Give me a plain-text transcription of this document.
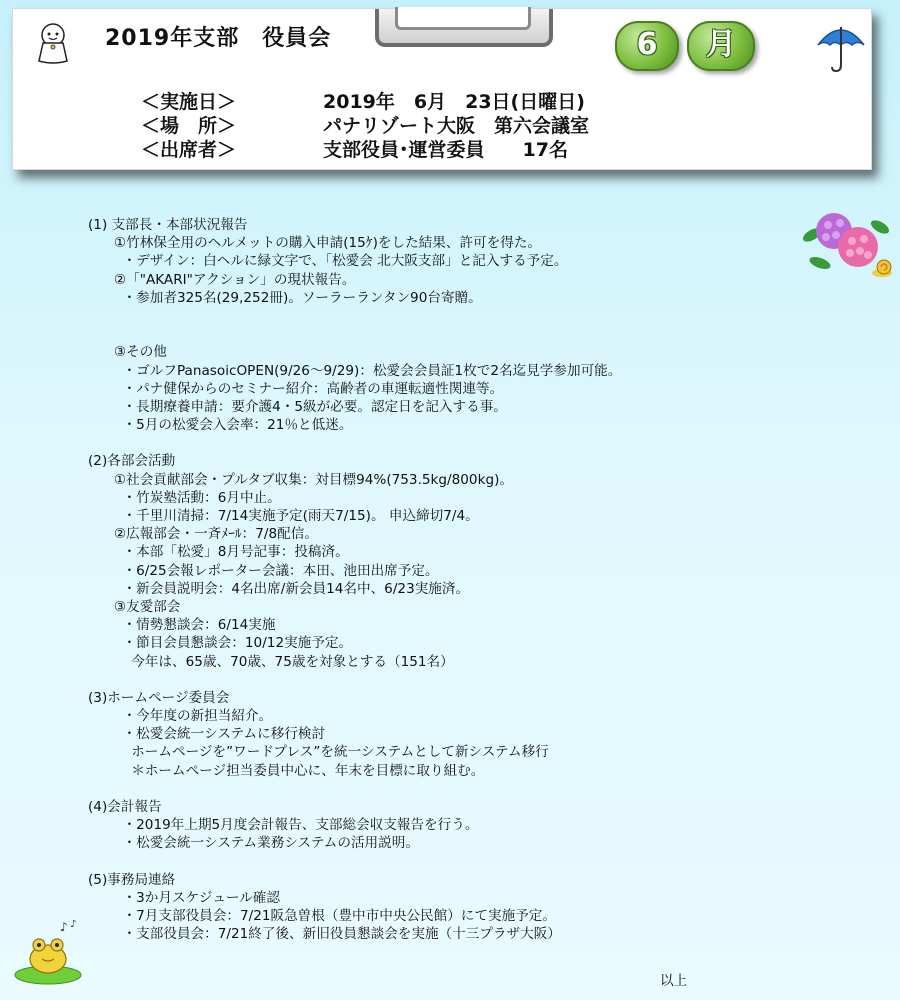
2019年支部　役員会	6	月

＜実施日＞

	2019年　6月　23日(日曜日)

＜場　所＞

	パナリゾート大阪　第六会議室

＜出席者＞

	支部役員･運営委員　　17名

(1) 支部長・本部状況報告
①竹林保全用のヘルメットの購入申請(15ｹ)をした結果、許可を得た。
・デザイン：白ヘルに緑文字で、「松愛会 北大阪支部」と記入する予定。
②「"AKARI"アクション」の現状報告。
・参加者325名(29,252冊)。ソーラーランタン90台寄贈。
③その他
・ゴルフPanasoicOPEN(9/26～9/29)：松愛会会員証1枚で2名迄見学参加可能。
・パナ健保からのセミナー紹介：高齢者の車運転適性関連等。
・長期療養申請：要介護4・5級が必要。認定日を記入する事。
・5月の松愛会入会率：21％と低迷。
(2)各部会活動
①社会貢献部会・プルタブ収集：対目標94%(753.5kg/800kg)。
・竹炭塾活動：6月中止。
・千里川清掃：7/14実施予定(雨天7/15)。 申込締切7/4。
②広報部会・一斉ﾒｰﾙ：7/8配信。
・本部「松愛」8月号記事：投稿済。
・6/25会報レポーター会議：本田、池田出席予定。
・新会員説明会：4名出席/新会員14名中、6/23実施済。
③友愛部会
・情勢懇談会：6/14実施
・節目会員懇談会：10/12実施予定。
今年は、65歳、70歳、75歳を対象とする（151名）
(3)ホームページ委員会
・今年度の新担当紹介。
・松愛会統一システムに移行検討
ホームページを”ワードプレス”を統一システムとして新システム移行
＊ホームページ担当委員中心に、年末を目標に取り組む。
(4)会計報告
・2019年上期5月度会計報告、支部総会収支報告を行う。
・松愛会統一システム業務システムの活用説明。
(5)事務局連絡
・3か月スケジュール確認
・7月支部役員会：7/21阪急曽根（豊中市中央公民館）にて実施予定。
・支部役員会：7/21終了後、新旧役員懇談会を実施（十三プラザ大阪）
♪ ♪
以上
